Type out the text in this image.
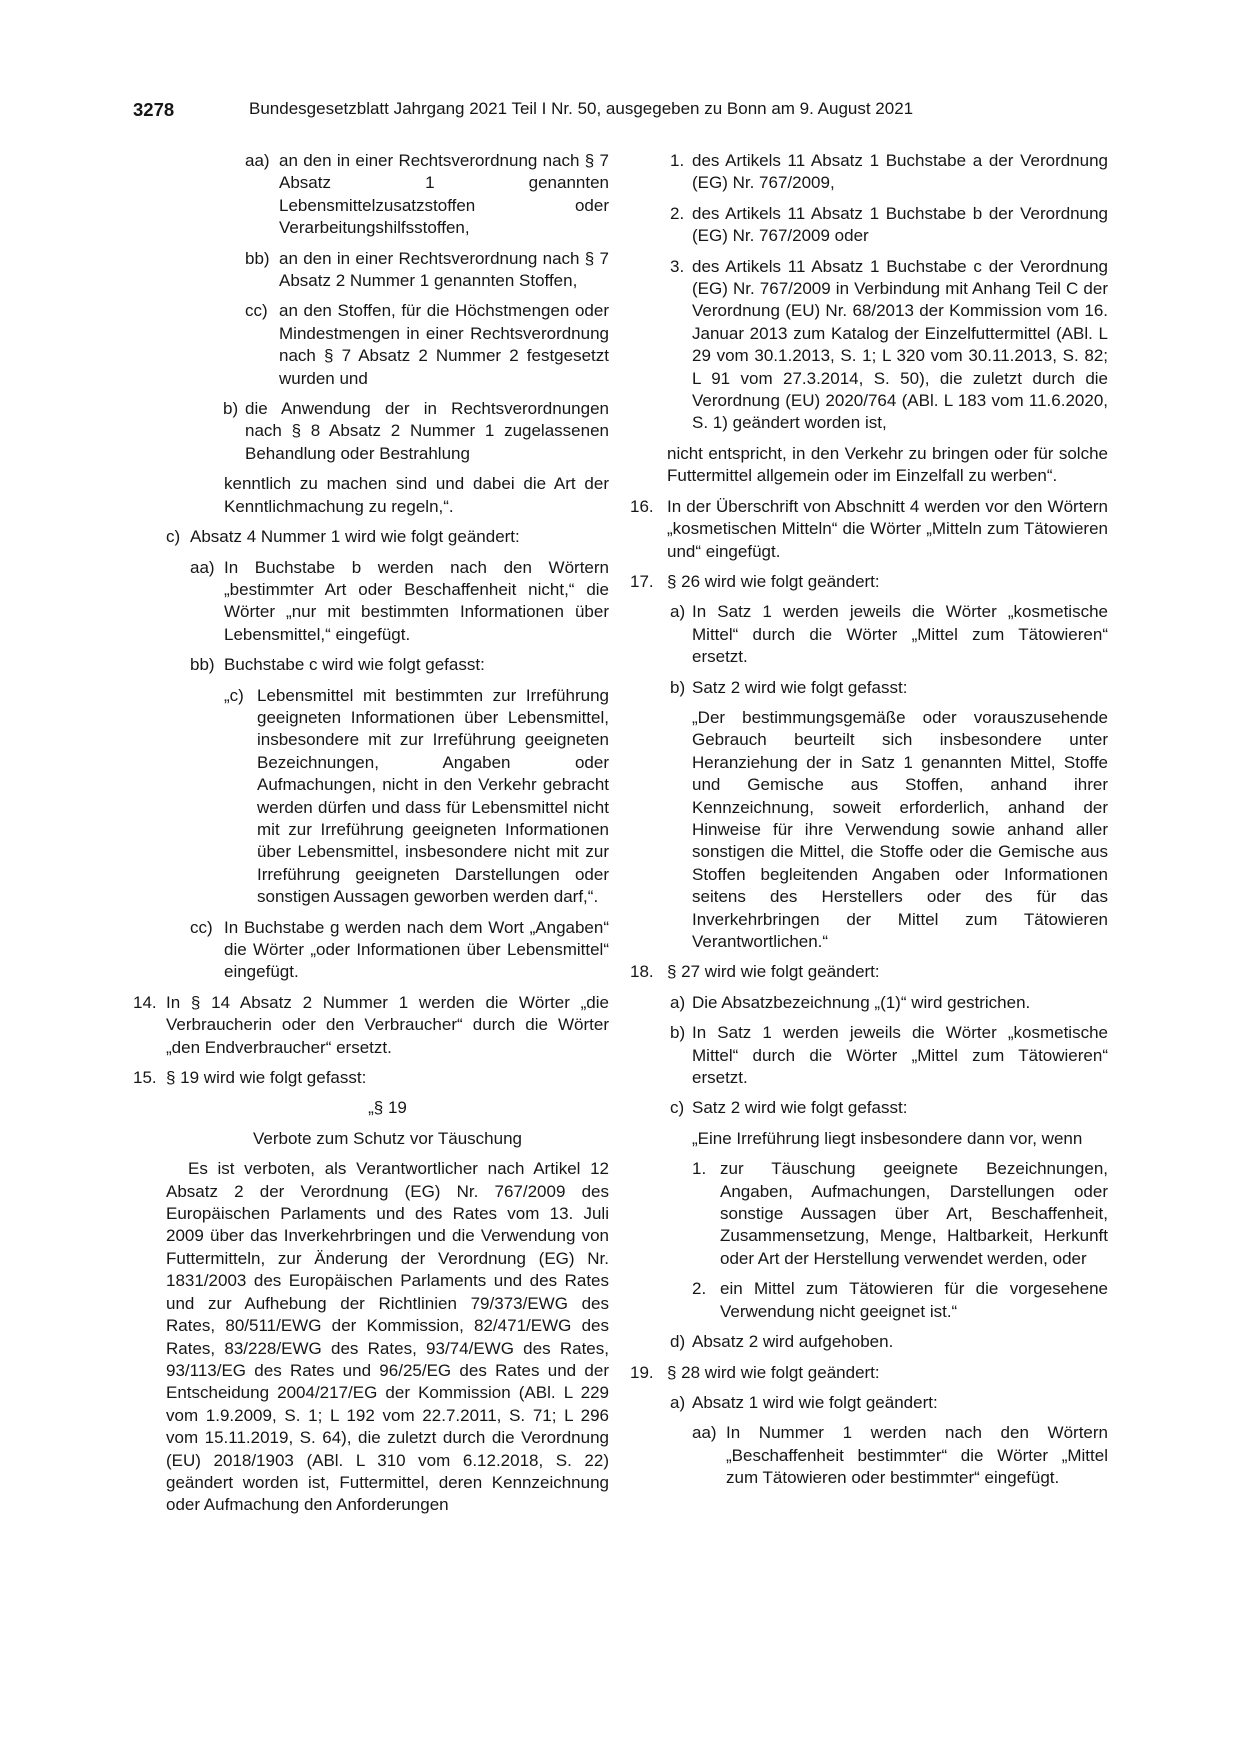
3278	Bundesgesetzblatt Jahrgang 2021 Teil I Nr. 50, ausgegeben zu Bonn am 9. August 2021
aa) an den in einer Rechtsverordnung nach § 7 Absatz 1 genannten Lebensmittelzusatzstoffen oder Verarbeitungshilfsstoffen,
bb) an den in einer Rechtsverordnung nach § 7 Absatz 2 Nummer 1 genannten Stoffen,
cc) an den Stoffen, für die Höchstmengen oder Mindestmengen in einer Rechtsverordnung nach § 7 Absatz 2 Nummer 2 festgesetzt wurden und
b) die Anwendung der in Rechtsverordnungen nach § 8 Absatz 2 Nummer 1 zugelassenen Behandlung oder Bestrahlung
kenntlich zu machen sind und dabei die Art der Kenntlichmachung zu regeln,“.
c) Absatz 4 Nummer 1 wird wie folgt geändert:
aa) In Buchstabe b werden nach den Wörtern „bestimmter Art oder Beschaffenheit nicht,“ die Wörter „nur mit bestimmten Informationen über Lebensmittel,“ eingefügt.
bb) Buchstabe c wird wie folgt gefasst:
„c) Lebensmittel mit bestimmten zur Irreführung geeigneten Informationen über Lebensmittel, insbesondere mit zur Irreführung geeigneten Bezeichnungen, Angaben oder Aufmachungen, nicht in den Verkehr gebracht werden dürfen und dass für Lebensmittel nicht mit zur Irreführung geeigneten Informationen über Lebensmittel, insbesondere nicht mit zur Irreführung geeigneten Darstellungen oder sonstigen Aussagen geworben werden darf,“.
cc) In Buchstabe g werden nach dem Wort „Angaben“ die Wörter „oder Informationen über Lebensmittel“ eingefügt.
14. In § 14 Absatz 2 Nummer 1 werden die Wörter „die Verbraucherin oder den Verbraucher“ durch die Wörter „den Endverbraucher“ ersetzt.
15. § 19 wird wie folgt gefasst:
„§ 19
Verbote zum Schutz vor Täuschung
Es ist verboten, als Verantwortlicher nach Artikel 12 Absatz 2 der Verordnung (EG) Nr. 767/2009 des Europäischen Parlaments und des Rates vom 13. Juli 2009 über das Inverkehrbringen und die Verwendung von Futtermitteln, zur Änderung der Verordnung (EG) Nr. 1831/2003 des Europäischen Parlaments und des Rates und zur Aufhebung der Richtlinien 79/373/EWG des Rates, 80/511/EWG der Kommission, 82/471/EWG des Rates, 83/228/EWG des Rates, 93/74/EWG des Rates, 93/113/EG des Rates und 96/25/EG des Rates und der Entscheidung 2004/217/EG der Kommission (ABl. L 229 vom 1.9.2009, S. 1; L 192 vom 22.7.2011, S. 71; L 296 vom 15.11.2019, S. 64), die zuletzt durch die Verordnung (EU) 2018/1903 (ABl. L 310 vom 6.12.2018, S. 22) geändert worden ist, Futtermittel, deren Kennzeichnung oder Aufmachung den Anforderungen
1. des Artikels 11 Absatz 1 Buchstabe a der Verordnung (EG) Nr. 767/2009,
2. des Artikels 11 Absatz 1 Buchstabe b der Verordnung (EG) Nr. 767/2009 oder
3. des Artikels 11 Absatz 1 Buchstabe c der Verordnung (EG) Nr. 767/2009 in Verbindung mit Anhang Teil C der Verordnung (EU) Nr. 68/2013 der Kommission vom 16. Januar 2013 zum Katalog der Einzelfuttermittel (ABl. L 29 vom 30.1.2013, S. 1; L 320 vom 30.11.2013, S. 82; L 91 vom 27.3.2014, S. 50), die zuletzt durch die Verordnung (EU) 2020/764 (ABl. L 183 vom 11.6.2020, S. 1) geändert worden ist,
nicht entspricht, in den Verkehr zu bringen oder für solche Futtermittel allgemein oder im Einzelfall zu werben“.
16. In der Überschrift von Abschnitt 4 werden vor den Wörtern „kosmetischen Mitteln“ die Wörter „Mitteln zum Tätowieren und“ eingefügt.
17. § 26 wird wie folgt geändert:
a) In Satz 1 werden jeweils die Wörter „kosmetische Mittel“ durch die Wörter „Mittel zum Tätowieren“ ersetzt.
b) Satz 2 wird wie folgt gefasst:
„Der bestimmungsgemäße oder vorauszusehende Gebrauch beurteilt sich insbesondere unter Heranziehung der in Satz 1 genannten Mittel, Stoffe und Gemische aus Stoffen, anhand ihrer Kennzeichnung, soweit erforderlich, anhand der Hinweise für ihre Verwendung sowie anhand aller sonstigen die Mittel, die Stoffe oder die Gemische aus Stoffen begleitenden Angaben oder Informationen seitens des Herstellers oder des für das Inverkehrbringen der Mittel zum Tätowieren Verantwortlichen.“
18. § 27 wird wie folgt geändert:
a) Die Absatzbezeichnung „(1)“ wird gestrichen.
b) In Satz 1 werden jeweils die Wörter „kosmetische Mittel“ durch die Wörter „Mittel zum Tätowieren“ ersetzt.
c) Satz 2 wird wie folgt gefasst:
„Eine Irreführung liegt insbesondere dann vor, wenn
1. zur Täuschung geeignete Bezeichnungen, Angaben, Aufmachungen, Darstellungen oder sonstige Aussagen über Art, Beschaffenheit, Zusammensetzung, Menge, Haltbarkeit, Herkunft oder Art der Herstellung verwendet werden, oder
2. ein Mittel zum Tätowieren für die vorgesehene Verwendung nicht geeignet ist.“
d) Absatz 2 wird aufgehoben.
19. § 28 wird wie folgt geändert:
a) Absatz 1 wird wie folgt geändert:
aa) In Nummer 1 werden nach den Wörtern „Beschaffenheit bestimmter“ die Wörter „Mittel zum Tätowieren oder bestimmter“ eingefügt.
